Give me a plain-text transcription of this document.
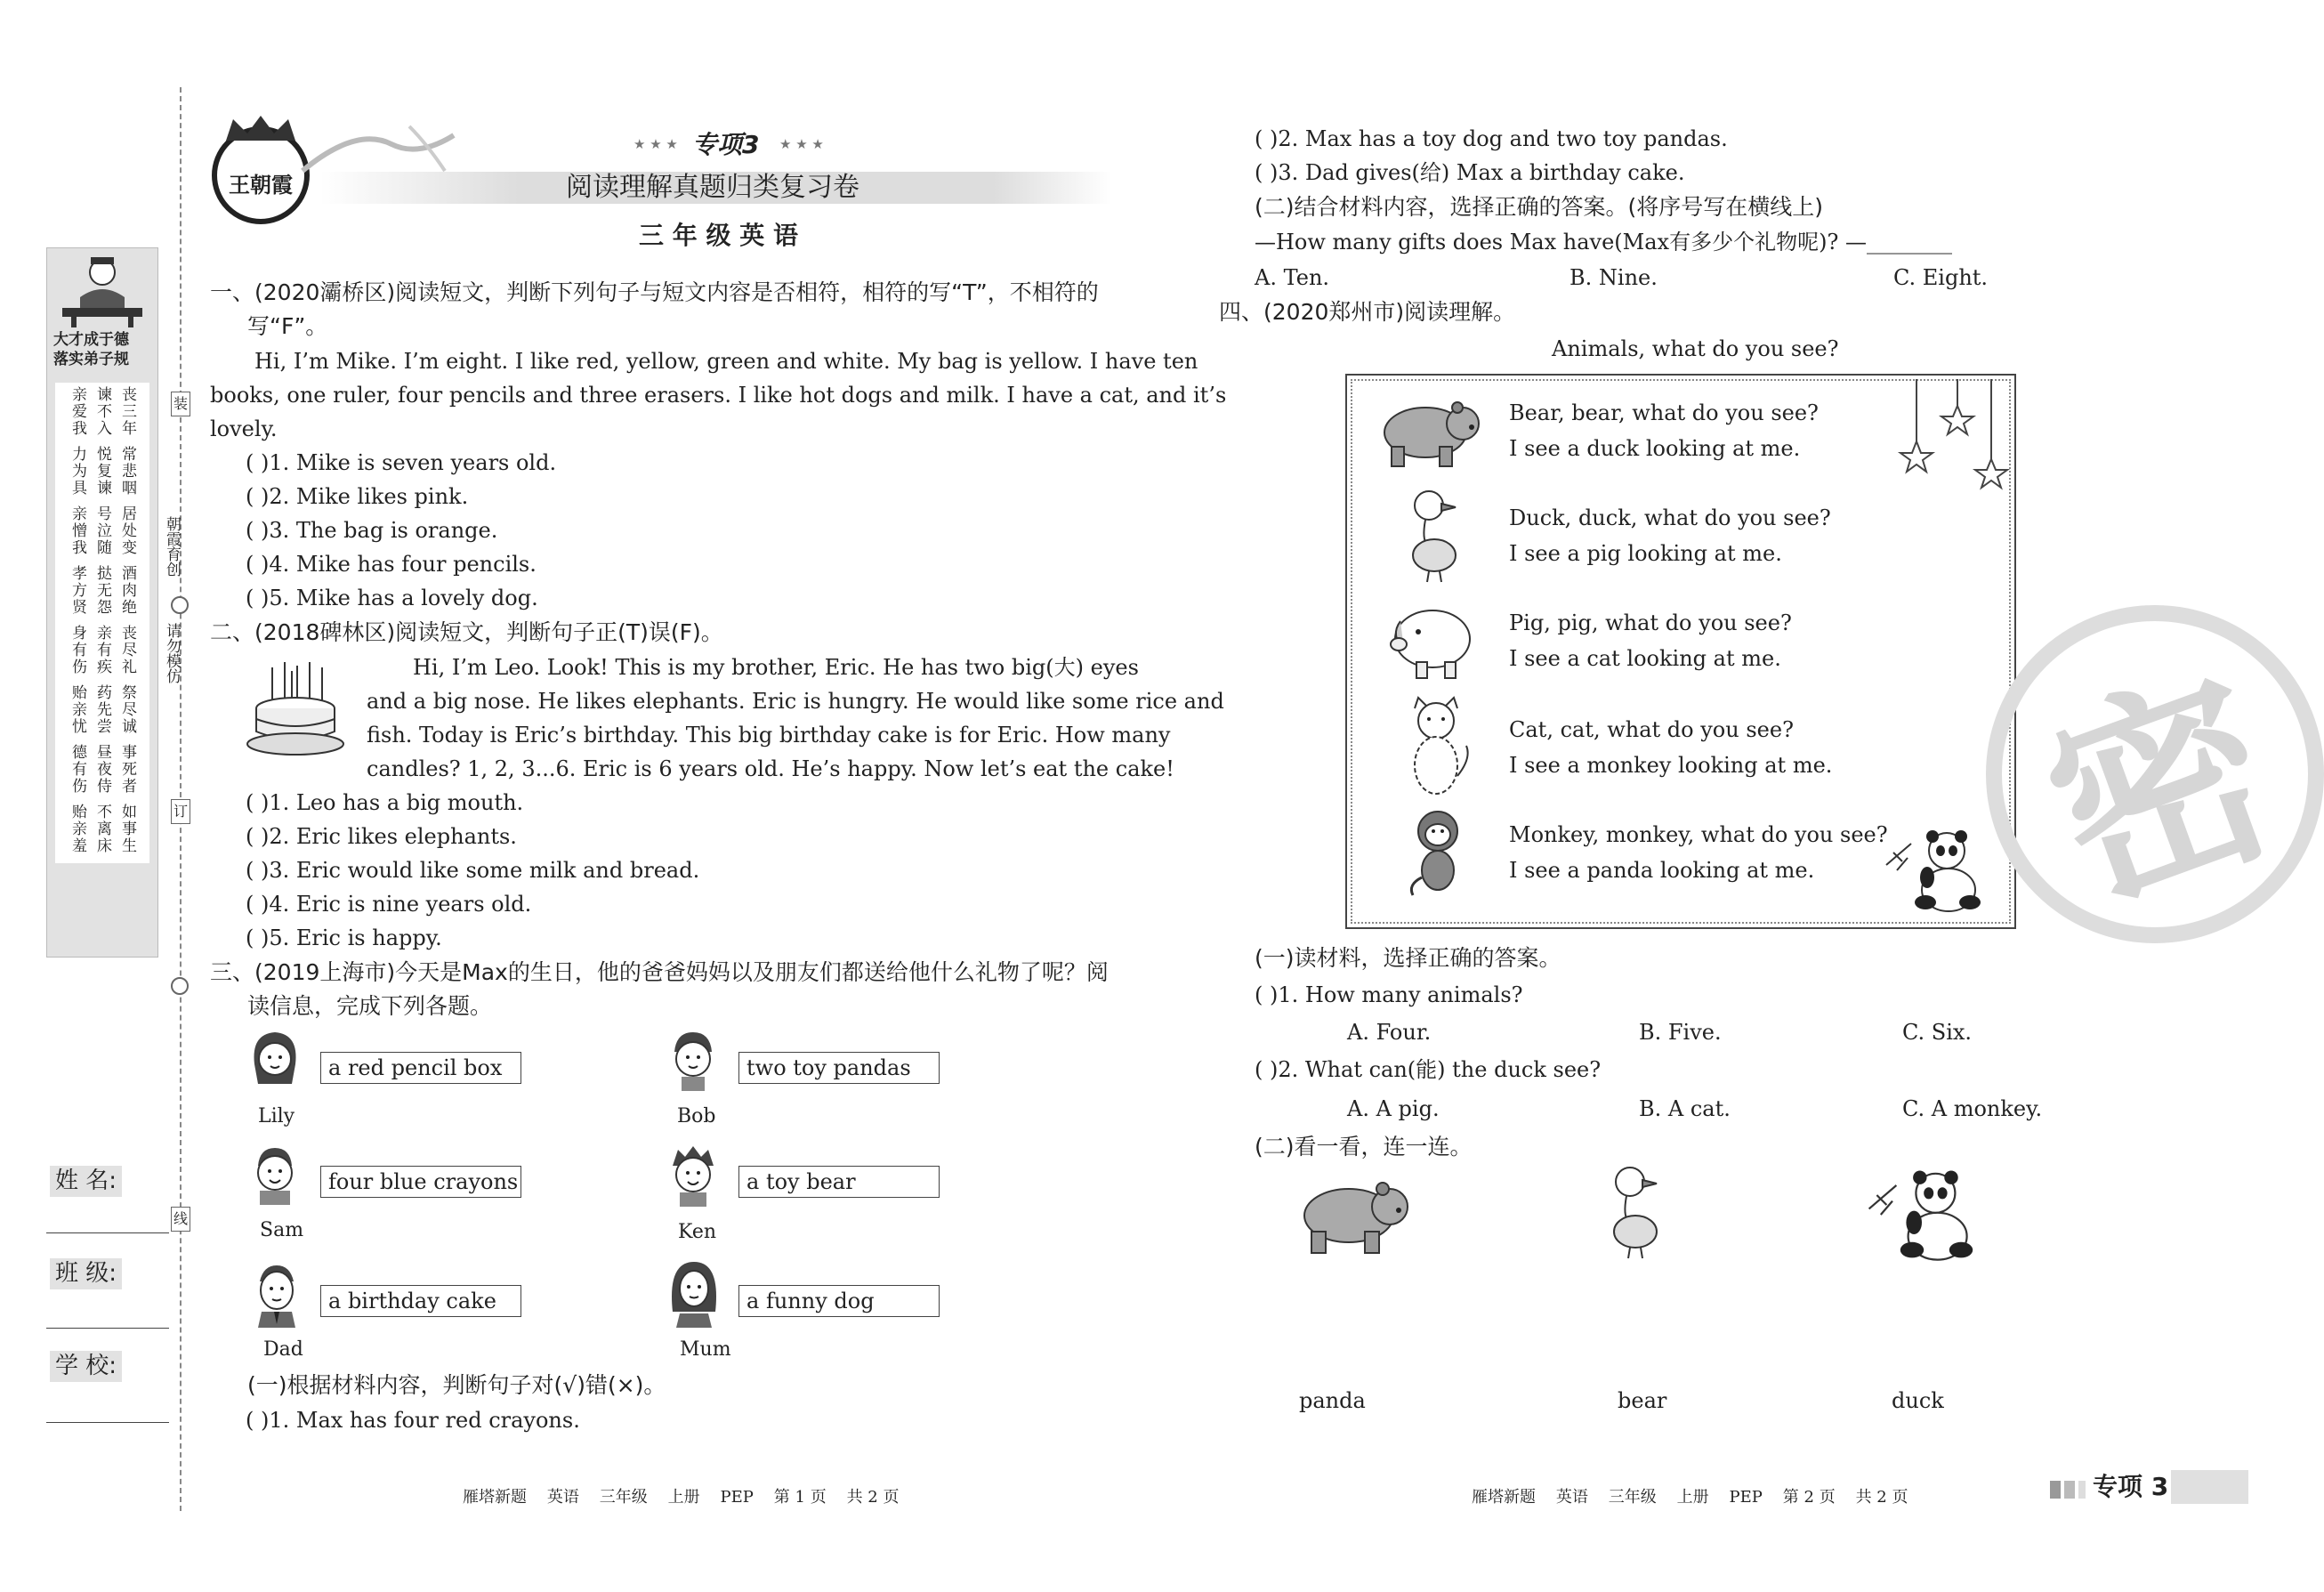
大才成于德
落实弟子规
丧三年
谏不入
亲爱我
常悲咽
悦复谏
力为具
居处变
号泣随
亲憎我
酒肉绝
挞无怨
孝方贤
丧尽礼
亲有疾
身有伤
祭尽诚
药先尝
贻亲忧
事死者
昼夜侍
德有伤
如事生
不离床
贻亲羞
装
订
线
朝霞育创
请勿模仿
姓 名:
班 级:
学 校:
王朝霞
★ ★ ★ 专项3 ★ ★ ★
阅读理解真题归类复习卷
三 年 级 英 语
一、(2020灞桥区)阅读短文，判断下列句子与短文内容是否相符，相符的写“T”，不相符的
写“F”。
Hi, I’m Mike. I’m eight. I like red, yellow, green and white. My bag is yellow. I have ten
books, one ruler, four pencils and three erasers. I like hot dogs and milk. I have a cat, and it’s
lovely.
( )1. Mike is seven years old.
( )2. Mike likes pink.
( )3. The bag is orange.
( )4. Mike has four pencils.
( )5. Mike has a lovely dog.
二、(2018碑林区)阅读短文，判断句子正(T)误(F)。
Hi, I’m Leo. Look! This is my brother, Eric. He has two big(大) eyes
and a big nose. He likes elephants. Eric is hungry. He would like some rice and
fish. Today is Eric’s birthday. This big birthday cake is for Eric. How many
candles? 1, 2, 3...6. Eric is 6 years old. He’s happy. Now let’s eat the cake!
( )1. Leo has a big mouth.
( )2. Eric likes elephants.
( )3. Eric would like some milk and bread.
( )4. Eric is nine years old.
( )5. Eric is happy.
三、(2019上海市)今天是Max的生日，他的爸爸妈妈以及朋友们都送给他什么礼物了呢？阅
读信息，完成下列各题。
Lily
a red pencil box
Bob
two toy pandas
Sam
four blue crayons
Ken
a toy bear
Dad
a birthday cake
Mum
a funny dog
(一)根据材料内容，判断句子对(√)错(×)。
( )1. Max has four red crayons.
( )2. Max has a toy dog and two toy pandas.
( )3. Dad gives(给) Max a birthday cake.
(二)结合材料内容，选择正确的答案。(将序号写在横线上)
—How many gifts does Max have(Max有多少个礼物呢)? —________
A. Ten.	B. Nine.	C. Eight.
四、(2020郑州市)阅读理解。
Animals, what do you see?
Bear, bear, what do you see?
I see a duck looking at me.
Duck, duck, what do you see?
I see a pig looking at me.
Pig, pig, what do you see?
I see a cat looking at me.
Cat, cat, what do you see?
I see a monkey looking at me.
Monkey, monkey, what do you see?
I see a panda looking at me.
(一)读材料，选择正确的答案。
( )1. How many animals?
A. Four.	B. Five.	C. Six.
( )2. What can(能) the duck see?
A. A pig.	B. A cat.	C. A monkey.
(二)看一看，连一连。
panda	bear	duck
密
雁塔新题    英语    三年级    上册    PEP    第 1 页    共 2 页	雁塔新题    英语    三年级    上册    PEP    第 2 页    共 2 页	专项 3
